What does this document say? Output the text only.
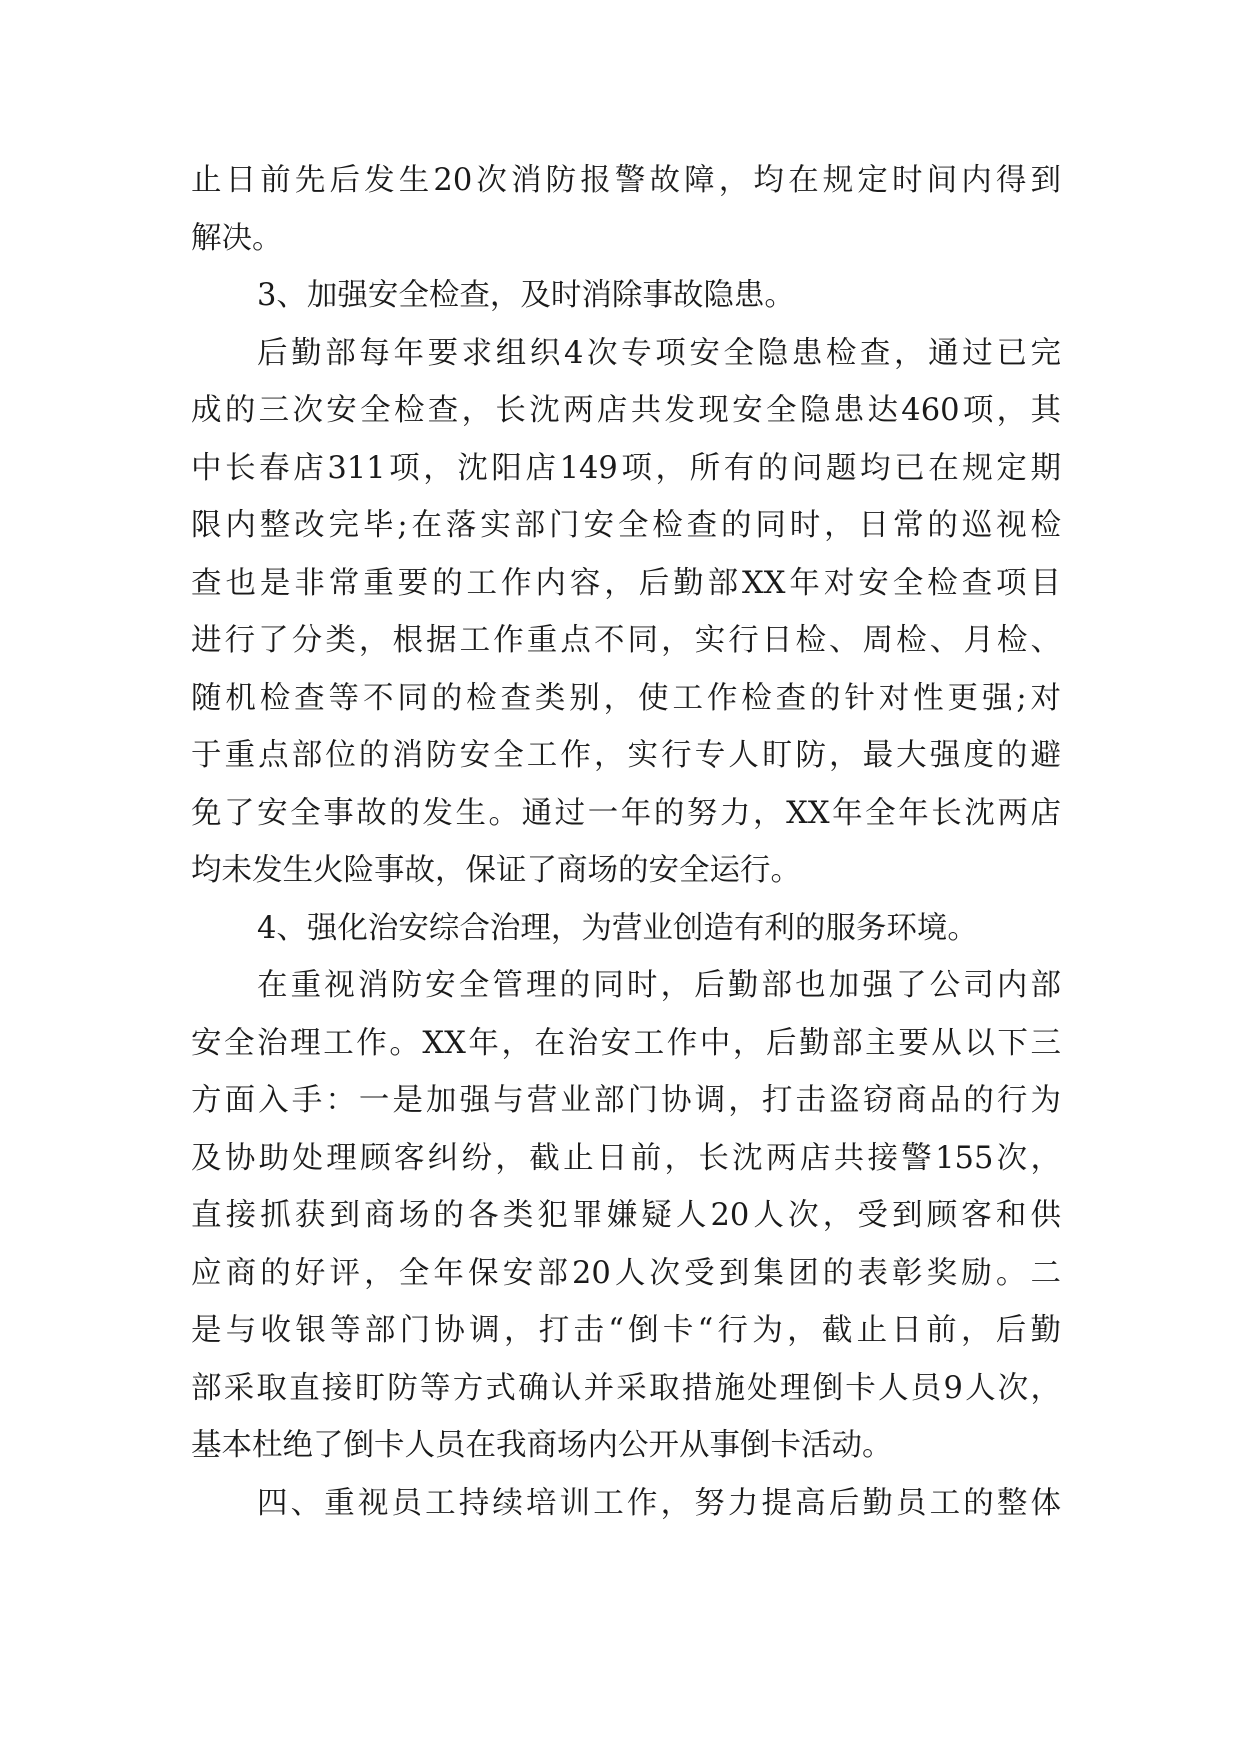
止日前先后发生20次消防报警故障，均在规定时间内得到
解决。
3、加强安全检查，及时消除事故隐患。
后勤部每年要求组织4次专项安全隐患检查，通过已完
成的三次安全检查，长沈两店共发现安全隐患达460项，其
中长春店311项，沈阳店149项，所有的问题均已在规定期
限内整改完毕;在落实部门安全检查的同时，日常的巡视检
查也是非常重要的工作内容，后勤部XX年对安全检查项目
进行了分类，根据工作重点不同，实行日检、周检、月检、
随机检查等不同的检查类别，使工作检查的针对性更强;对
于重点部位的消防安全工作，实行专人盯防，最大强度的避
免了安全事故的发生。通过一年的努力，XX年全年长沈两店
均未发生火险事故，保证了商场的安全运行。
4、强化治安综合治理，为营业创造有利的服务环境。
在重视消防安全管理的同时，后勤部也加强了公司内部
安全治理工作。XX年，在治安工作中，后勤部主要从以下三
方面入手：一是加强与营业部门协调，打击盗窃商品的行为
及协助处理顾客纠纷，截止日前，长沈两店共接警155次，
直接抓获到商场的各类犯罪嫌疑人20人次，受到顾客和供
应商的好评，全年保安部20人次受到集团的表彰奖励。二
是与收银等部门协调，打击“倒卡“行为，截止日前，后勤
部采取直接盯防等方式确认并采取措施处理倒卡人员9人次，
基本杜绝了倒卡人员在我商场内公开从事倒卡活动。
四、重视员工持续培训工作，努力提高后勤员工的整体
